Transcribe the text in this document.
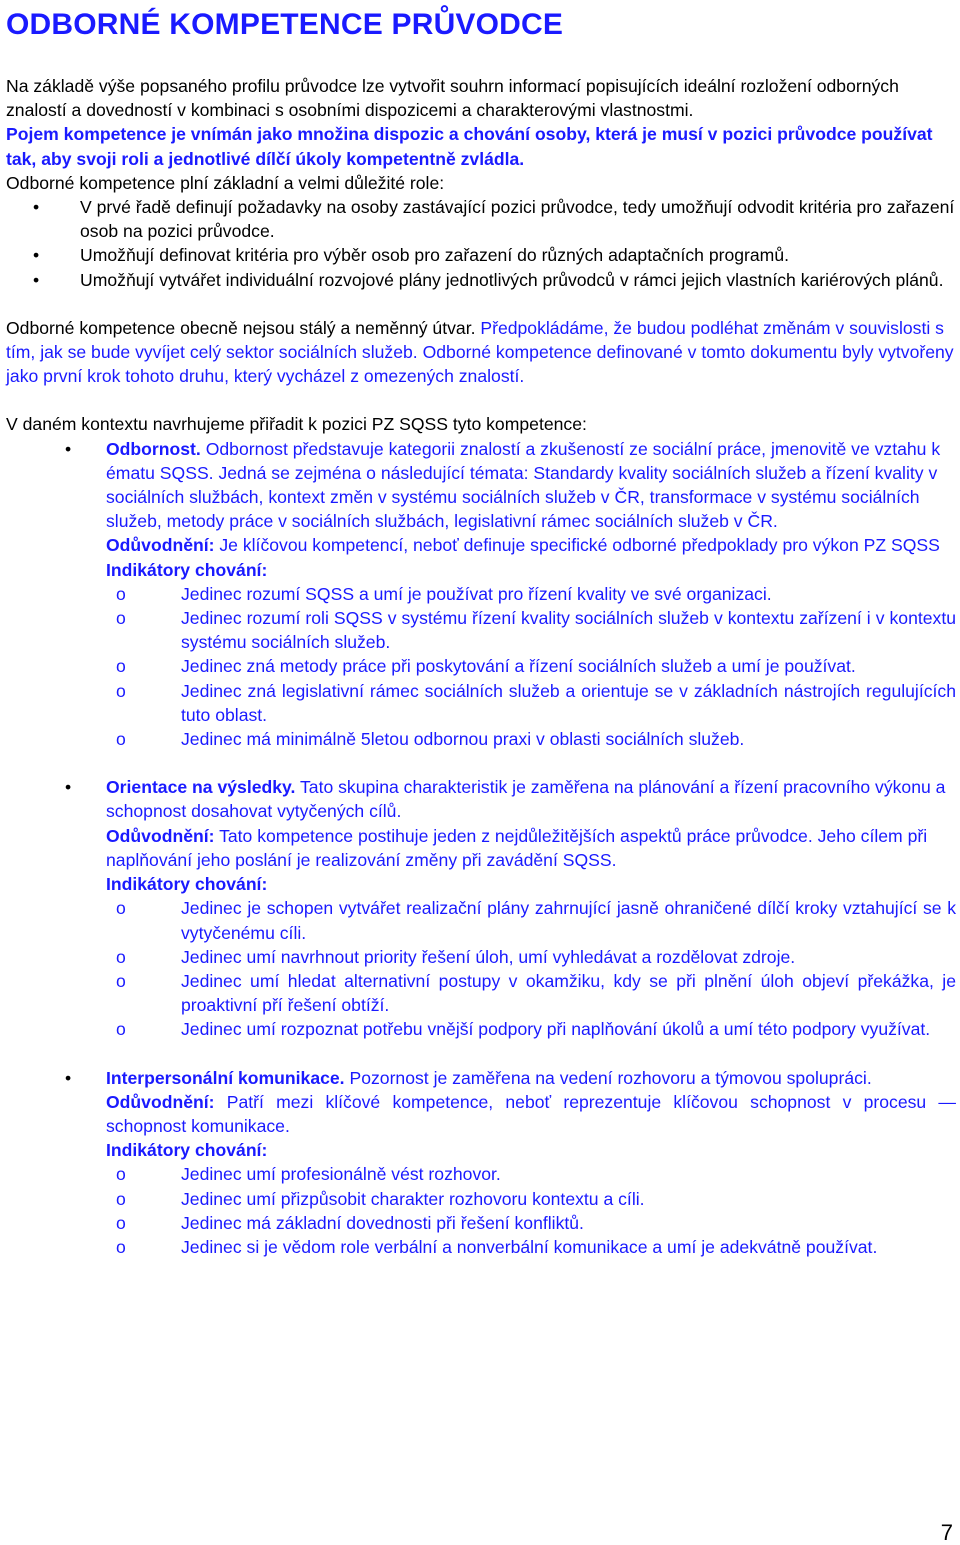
ODBORNÉ KOMPETENCE PRŮVODCE

Na základě výše popsaného profilu průvodce lze vytvořit souhrn informací popisujících ideální rozložení odborných znalostí a dovedností v kombinaci s osobními dispozicemi a charakterovými vlastnostmi.
Pojem kompetence je vnímán jako množina dispozic a chování osoby, která je musí v pozici průvodce používat tak, aby svoji roli a jednotlivé dílčí úkoly kompetentně zvládla.
Odborné kompetence plní základní a velmi důležité role:

• V prvé řadě definují požadavky na osoby zastávající pozici průvodce, tedy umožňují odvodit kritéria pro zařazení osob na pozici průvodce.
• Umožňují definovat kritéria pro výběr osob pro zařazení do různých adaptačních programů.
• Umožňují vytvářet individuální rozvojové plány jednotlivých průvodců v rámci jejich vlastních kariérových plánů.

Odborné kompetence obecně nejsou stálý a neměnný útvar. Předpokládáme, že budou podléhat změnám v souvislosti s tím, jak se bude vyvíjet celý sektor sociálních služeb. Odborné kompetence definované v tomto dokumentu byly vytvořeny jako první krok tohoto druhu, který vycházel z omezených znalostí.

V daném kontextu navrhujeme přiřadit k pozici PZ SQSS tyto kompetence:

• Odbornost. Odbornost představuje kategorii znalostí a zkušeností ze sociální práce, jmenovitě ve vztahu k ématu SQSS. Jedná se zejména o následující témata: Standardy kvality sociálních služeb a řízení kvality v sociálních službách, kontext změn v systému sociálních služeb v ČR, transformace v systému sociálních služeb, metody práce v sociálních službách, legislativní rámec sociálních služeb v ČR.
Odůvodnění: Je klíčovou kompetencí, neboť definuje specifické odborné předpoklady pro výkon PZ SQSS
Indikátory chování:
o	Jedinec rozumí SQSS a umí je používat pro řízení kvality ve své organizaci.
o	Jedinec rozumí roli SQSS v systému řízení kvality sociálních služeb v kontextu zařízení i v kontextu systému sociálních služeb.
o	Jedinec zná metody práce při poskytování a řízení sociálních služeb a umí je používat.
o	Jedinec zná legislativní rámec sociálních služeb a orientuje se v základních nástrojích regulujících tuto oblast.
o	Jedinec má minimálně 5letou odbornou praxi v oblasti sociálních služeb.
• Orientace na výsledky. Tato skupina charakteristik je zaměřena na plánování a řízení pracovního výkonu a schopnost dosahovat vytyčených cílů.
Odůvodnění: Tato kompetence postihuje jeden z nejdůležitějších aspektů práce průvodce. Jeho cílem při naplňování jeho poslání je realizování změny při zavádění SQSS.
Indikátory chování:
o	Jedinec je schopen vytvářet realizační plány zahrnující jasně ohraničené dílčí kroky vztahující se k vytyčenému cíli.
o	Jedinec umí navrhnout priority řešení úloh, umí vyhledávat a rozdělovat zdroje.
o	Jedinec umí hledat alternativní postupy v okamžiku, kdy se při plnění úloh objeví překážka, je proaktivní pří řešení obtíží.
o	Jedinec umí rozpoznat potřebu vnější podpory při naplňování úkolů a umí této podpory využívat.
• Interpersonální komunikace. Pozornost je zaměřena na vedení rozhovoru a týmovou spolupráci.
Odůvodnění: Patří mezi klíčové kompetence, neboť reprezentuje klíčovou schopnost v procesu — schopnost komunikace.
Indikátory chování:
o	Jedinec umí profesionálně vést rozhovor.
o	Jedinec umí přizpůsobit charakter rozhovoru kontextu a cíli.
o	Jedinec má základní dovednosti při řešení konfliktů.
o	Jedinec si je vědom role verbální a nonverbální komunikace a umí je adekvátně používat.
7
